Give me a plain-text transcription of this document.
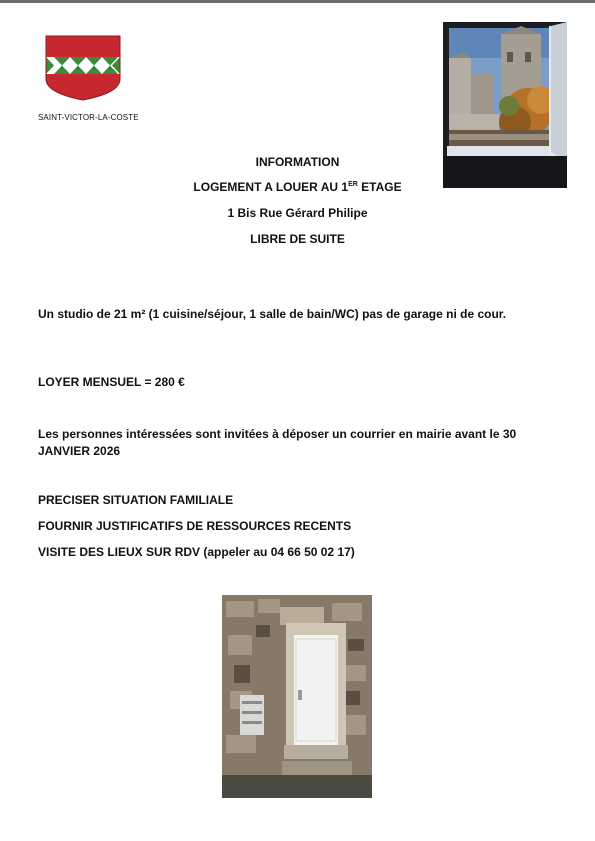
SAINT-VICTOR-LA-COSTE
INFORMATION
LOGEMENT A LOUER AU 1ER ETAGE
1 Bis Rue Gérard Philipe
LIBRE DE SUITE
Un studio de 21 m² (1 cuisine/séjour, 1 salle de bain/WC) pas de garage ni de cour.
LOYER MENSUEL = 280 €
Les personnes intéressées sont invitées à déposer un courrier en mairie avant le 30 JANVIER 2026
PRECISER SITUATION FAMILIALE
FOURNIR JUSTIFICATIFS DE RESSOURCES RECENTS
VISITE DES LIEUX SUR RDV (appeler au 04 66 50 02 17)
